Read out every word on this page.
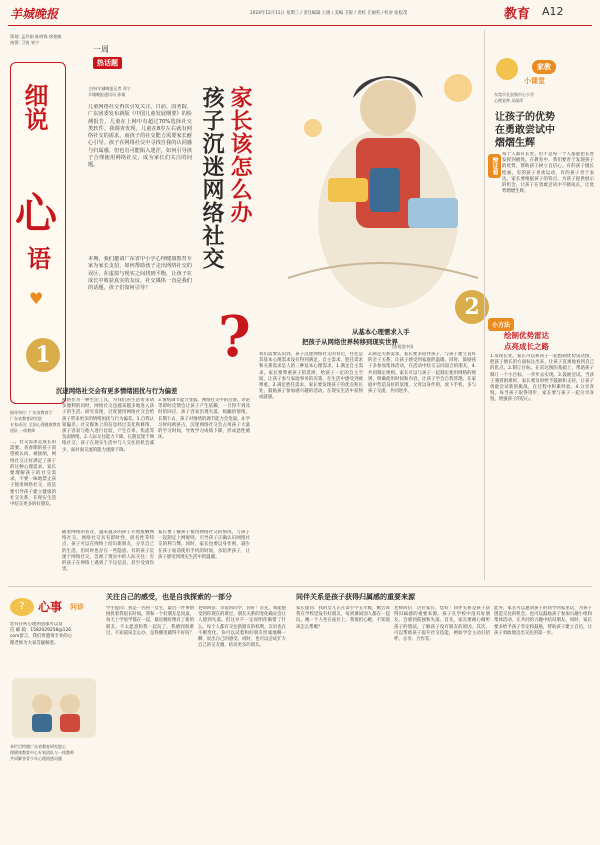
羊城晚报	2024年12月11日 星期三 / 责任编辑 王婧 / 美编 卫锐 / 责校 丘丽英 / 校对 张松茂	教育 A12
策划: 孟玲娟 陈明锋 徐艳敏
统筹: 卫锐 邹宁
细说
心
语
♥
指导单位: 广东省教育厅
广东省教育研究院
专家成员: 全国心理健康教育
团队 一线教师
一周
热话题
主持/羊城晚报记者 邓宁
羊城晚报通讯员 孙婧
儿童网络社交再次引发关注。日前，国务院、广东团委发布新版《中国儿童发展纲要》的检测报告，儿童在上网中有超过70%选择社交类软件。我调查发现，儿童在8岁左右就有网络社交的需求，而孩子的社交能力需要家长耐心引导。孩子在网络社交中寻找自我的认同感与归属感，但也有可能陷入迷茫，如何引导孩子合理使用网络社交，成为家长们关注的问题。
本期，我们邀请广东省中小学心理健康教育专家为家长支招，如何帮助孩子走出网络社交的误区，在虚拟与现实之间找到平衡，让孩子在成长中收获真实的友谊。社交媒体一直是我们的话题，孩子们如何引导？
孩子沉迷网络社交 家长该怎么办
?	图/视觉中国
2
从基本心理需求入手
把孩子从网络世界转移到现实世界
我们需要认识到，孩子沉迷网络社交的背后，往往是其基本心理需求没有得到满足。自主需求、胜任需求和关系需求是人的三种基本心理需求。1.满足自主需求。家长要尊重孩子的选择，给孩子一定的自主空间，让孩子参与家庭事务的决策，在生活中感受到被尊重。2.满足胜任需求。家长要发现孩子的优点和长处，鼓励孩子参加感兴趣的活动，在现实生活中获得成就感。
3.满足关系需求。家长要多陪伴孩子，与孩子建立良好的亲子关系，让孩子感受到家庭的温暖。同时，鼓励孩子多参加集体活动，在活动中结交志同道合的朋友。4.共同制定规则。家长可以与孩子一起制定使用网络的规则，明确使用时间和内容，让孩子学会自我管理。在家庭中营造良好的氛围，父母以身作则，放下手机，多与孩子交流，共同进步。
1
沉迷网络社交会有更多情绪困扰与行为偏差
网络作为一种生活工具，为我们的生活带来诸多便利的同时，网络社交也越来越多地进入孩子的生活。研究发现，过度使用网络社交会给孩子带来更多的情绪困扰与行为偏差。1.自我认知偏差。社交媒体上的信息经过美化和修饰，孩子容易与他人进行比较，产生自卑、焦虑等负面情绪。2.人际交往能力下降。长期沉迷于网络社交，孩子在现实生活中与人交往的机会减少，面对面交流的能力逐渐下降。
3.情绪调节能力变弱。网络社交中的点赞、评论等即时反馈会让孩子产生依赖，一旦得不到及时的回应，孩子容易出现失落、烦躁的情绪。长期下去，孩子对情绪的调节能力会变弱。4.学习时间被挤占。沉迷网络社交会占用孩子大量的学习时间，导致学习成绩下降，形成恶性循环。
二、社交需求是成长的需要。青春期的孩子渴望被认同、被接纳，网络社交正好满足了孩子的这种心理需求。家长要理解孩子的社交需求，不要一味地禁止孩子使用网络社交，而是要引导孩子建立健康的社交关系，在现实生活中结交更多的好朋友。
家教
小课堂
东莞市长安镇中心小学
心理老师 吴丽萍
让孩子的优势
在勇敢尝试中
熠熠生辉
辩证看
每个人都有长处。但不是每一个人都能把长处发挥到极致。在教育中，我们要善于发现孩子的优势，帮助孩子树立自信心。有的孩子擅长绘画，有的孩子喜欢运动，有的孩子善于表达。家长要根据孩子的特点，为孩子提供展示的机会，让孩子在勇敢尝试中不断成长，让优势熠熠生辉。
小方法
绘制优势雷达
点亮成长之路
1.发现长处。家长可以和孩子一起绘制优势雷达图，把孩子擅长的方面标注出来，让孩子直观地看到自己的优点。2.制订目标。在雷达图的基础上，帮助孩子制订一个小目标，一步步去实现。3.鼓励尝试。当孩子遇到困难时，家长要及时给予鼓励和支持，让孩子勇敢尝试新的挑战，在过程中积累经验。4.分享喜悦。每当孩子取得进步，家长要与孩子一起分享喜悦，增强孩子的信心。
?	心事 问诊
您有任何心理困惑都可以发
信 邮 箱：1582029258@126.
com留言，我们将邀请专业的心
理老师为大家答疑解惑。
本栏目特邀广东省教育研究院心
理健康教育中心专家团队与一线教师
共同解答青少年心理困惑问题
关注自己的感受，也是自我探索的一部分
学生提问：我是一名初一女生，最近一件事情困扰着我很长时间。我和一个好朋友是同桌，每天上学放学都在一起，最近她好像有了新的朋友，不太愿意和我一起玩了。我感到很难过，不知道该怎么办，是我哪里做得不好吗？
老师回信：亲爱的同学，你好！首先，我能感受到你现在的难过。朋友关系的变化确实会让人感到失落。但这并不一定说明你做错了什么。每个人都有交往新朋友的权利，友谊也在不断变化。你可以试着和好朋友坦诚地聊一聊，说出自己的感受。同时，也可以尝试扩大自己的交友圈，结识更多的朋友。
同伴关系是孩子获得归属感的重要来源
家长提问：我的女儿正在读小学五年级，她告诉我在学校里没有好朋友，每到课间别人都在一起玩，她一个人坐在座位上，我很担心她，不知道该怎么帮她？
老师回信：这位家长，您好！同伴关系是孩子获得归属感的重要来源。孩子在学校中没有好朋友，会感到孤独和失落。首先，家长要耐心倾听孩子的想法，了解孩子没有朋友的原因。其次，可以帮助孩子提升社交技能，例如学会主动打招呼、分享、合作等。
此外，家长可以邀请孩子的同学到家里玩，为孩子创造交往的机会。也可以鼓励孩子参加兴趣小组和集体活动，在共同的兴趣中结识朋友。同时，家长要多给予孩子肯定和鼓励，帮助孩子建立自信，让孩子勇敢地迈出交往的第一步。
随着网络的普及，越来越多的孩子开始接触网络社交。网络社交具有即时性、匿名性等特点，孩子可以在网络上结识新朋友，分享自己的生活，但同时也存在一些隐患。有的孩子沉迷于网络社交，忽视了现实中的人际交往；有的孩子在网络上遇到了不良信息，甚至受到伤害。
家长要了解孩子使用网络社交的情况，与孩子一起制定上网规则，引导孩子正确认识网络社交的利与弊。同时，家长也要以身作则，减少在孩子面前使用手机的时间，多陪伴孩子，让孩子感受到现实生活中的温暖。
